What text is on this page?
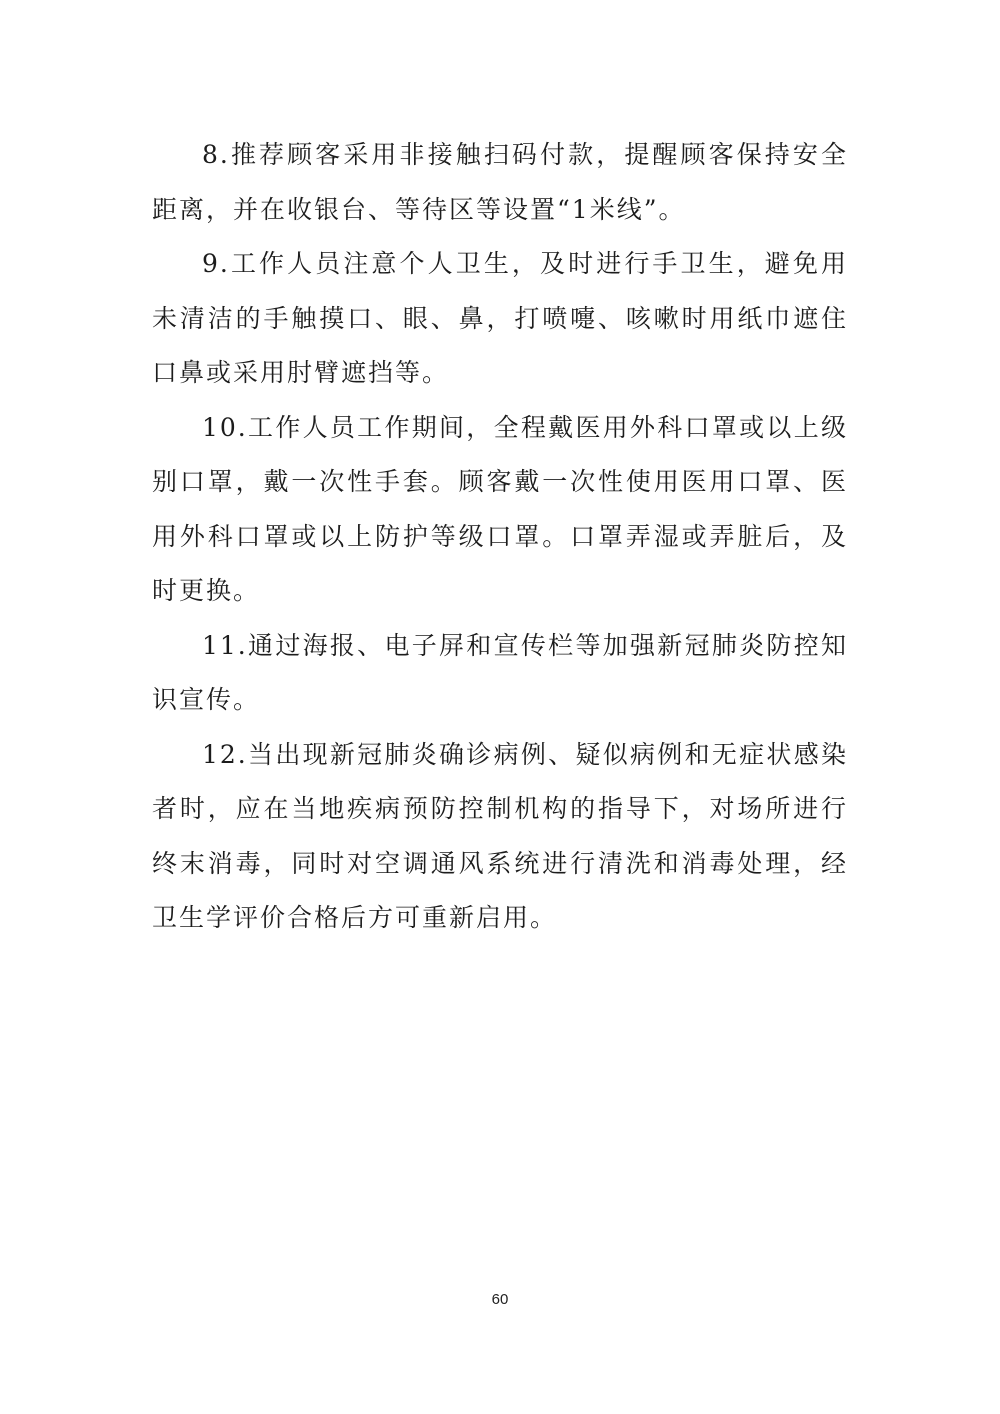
8.推荐顾客采用非接触扫码付款，提醒顾客保持安全距离，并在收银台、等待区等设置“1米线”。

9.工作人员注意个人卫生，及时进行手卫生，避免用未清洁的手触摸口、眼、鼻，打喷嚏、咳嗽时用纸巾遮住口鼻或采用肘臂遮挡等。

10.工作人员工作期间，全程戴医用外科口罩或以上级别口罩，戴一次性手套。顾客戴一次性使用医用口罩、医用外科口罩或以上防护等级口罩。口罩弄湿或弄脏后，及时更换。

11.通过海报、电子屏和宣传栏等加强新冠肺炎防控知识宣传。

12.当出现新冠肺炎确诊病例、疑似病例和无症状感染者时，应在当地疾病预防控制机构的指导下，对场所进行终末消毒，同时对空调通风系统进行清洗和消毒处理，经卫生学评价合格后方可重新启用。

60
